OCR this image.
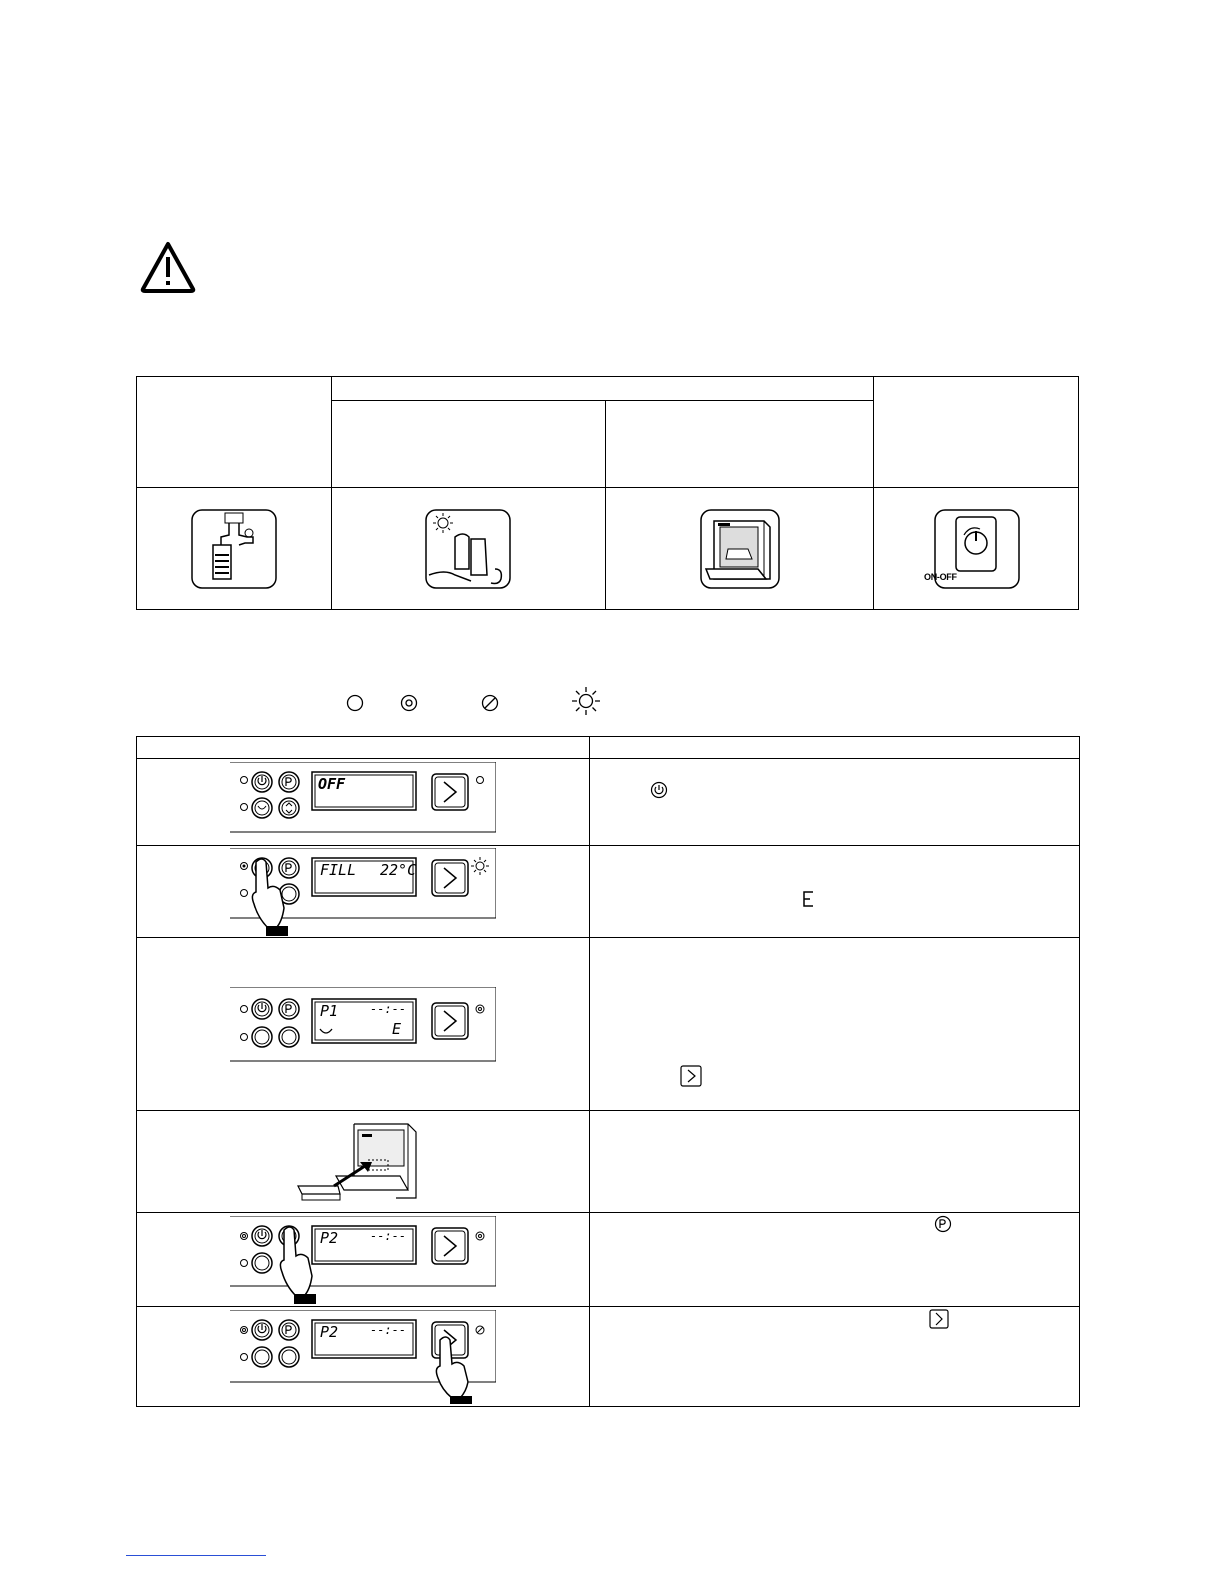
ON-OFF
OFF
FILL 22°C
P1	--:--
E
P2	--:--
P2	--:--
